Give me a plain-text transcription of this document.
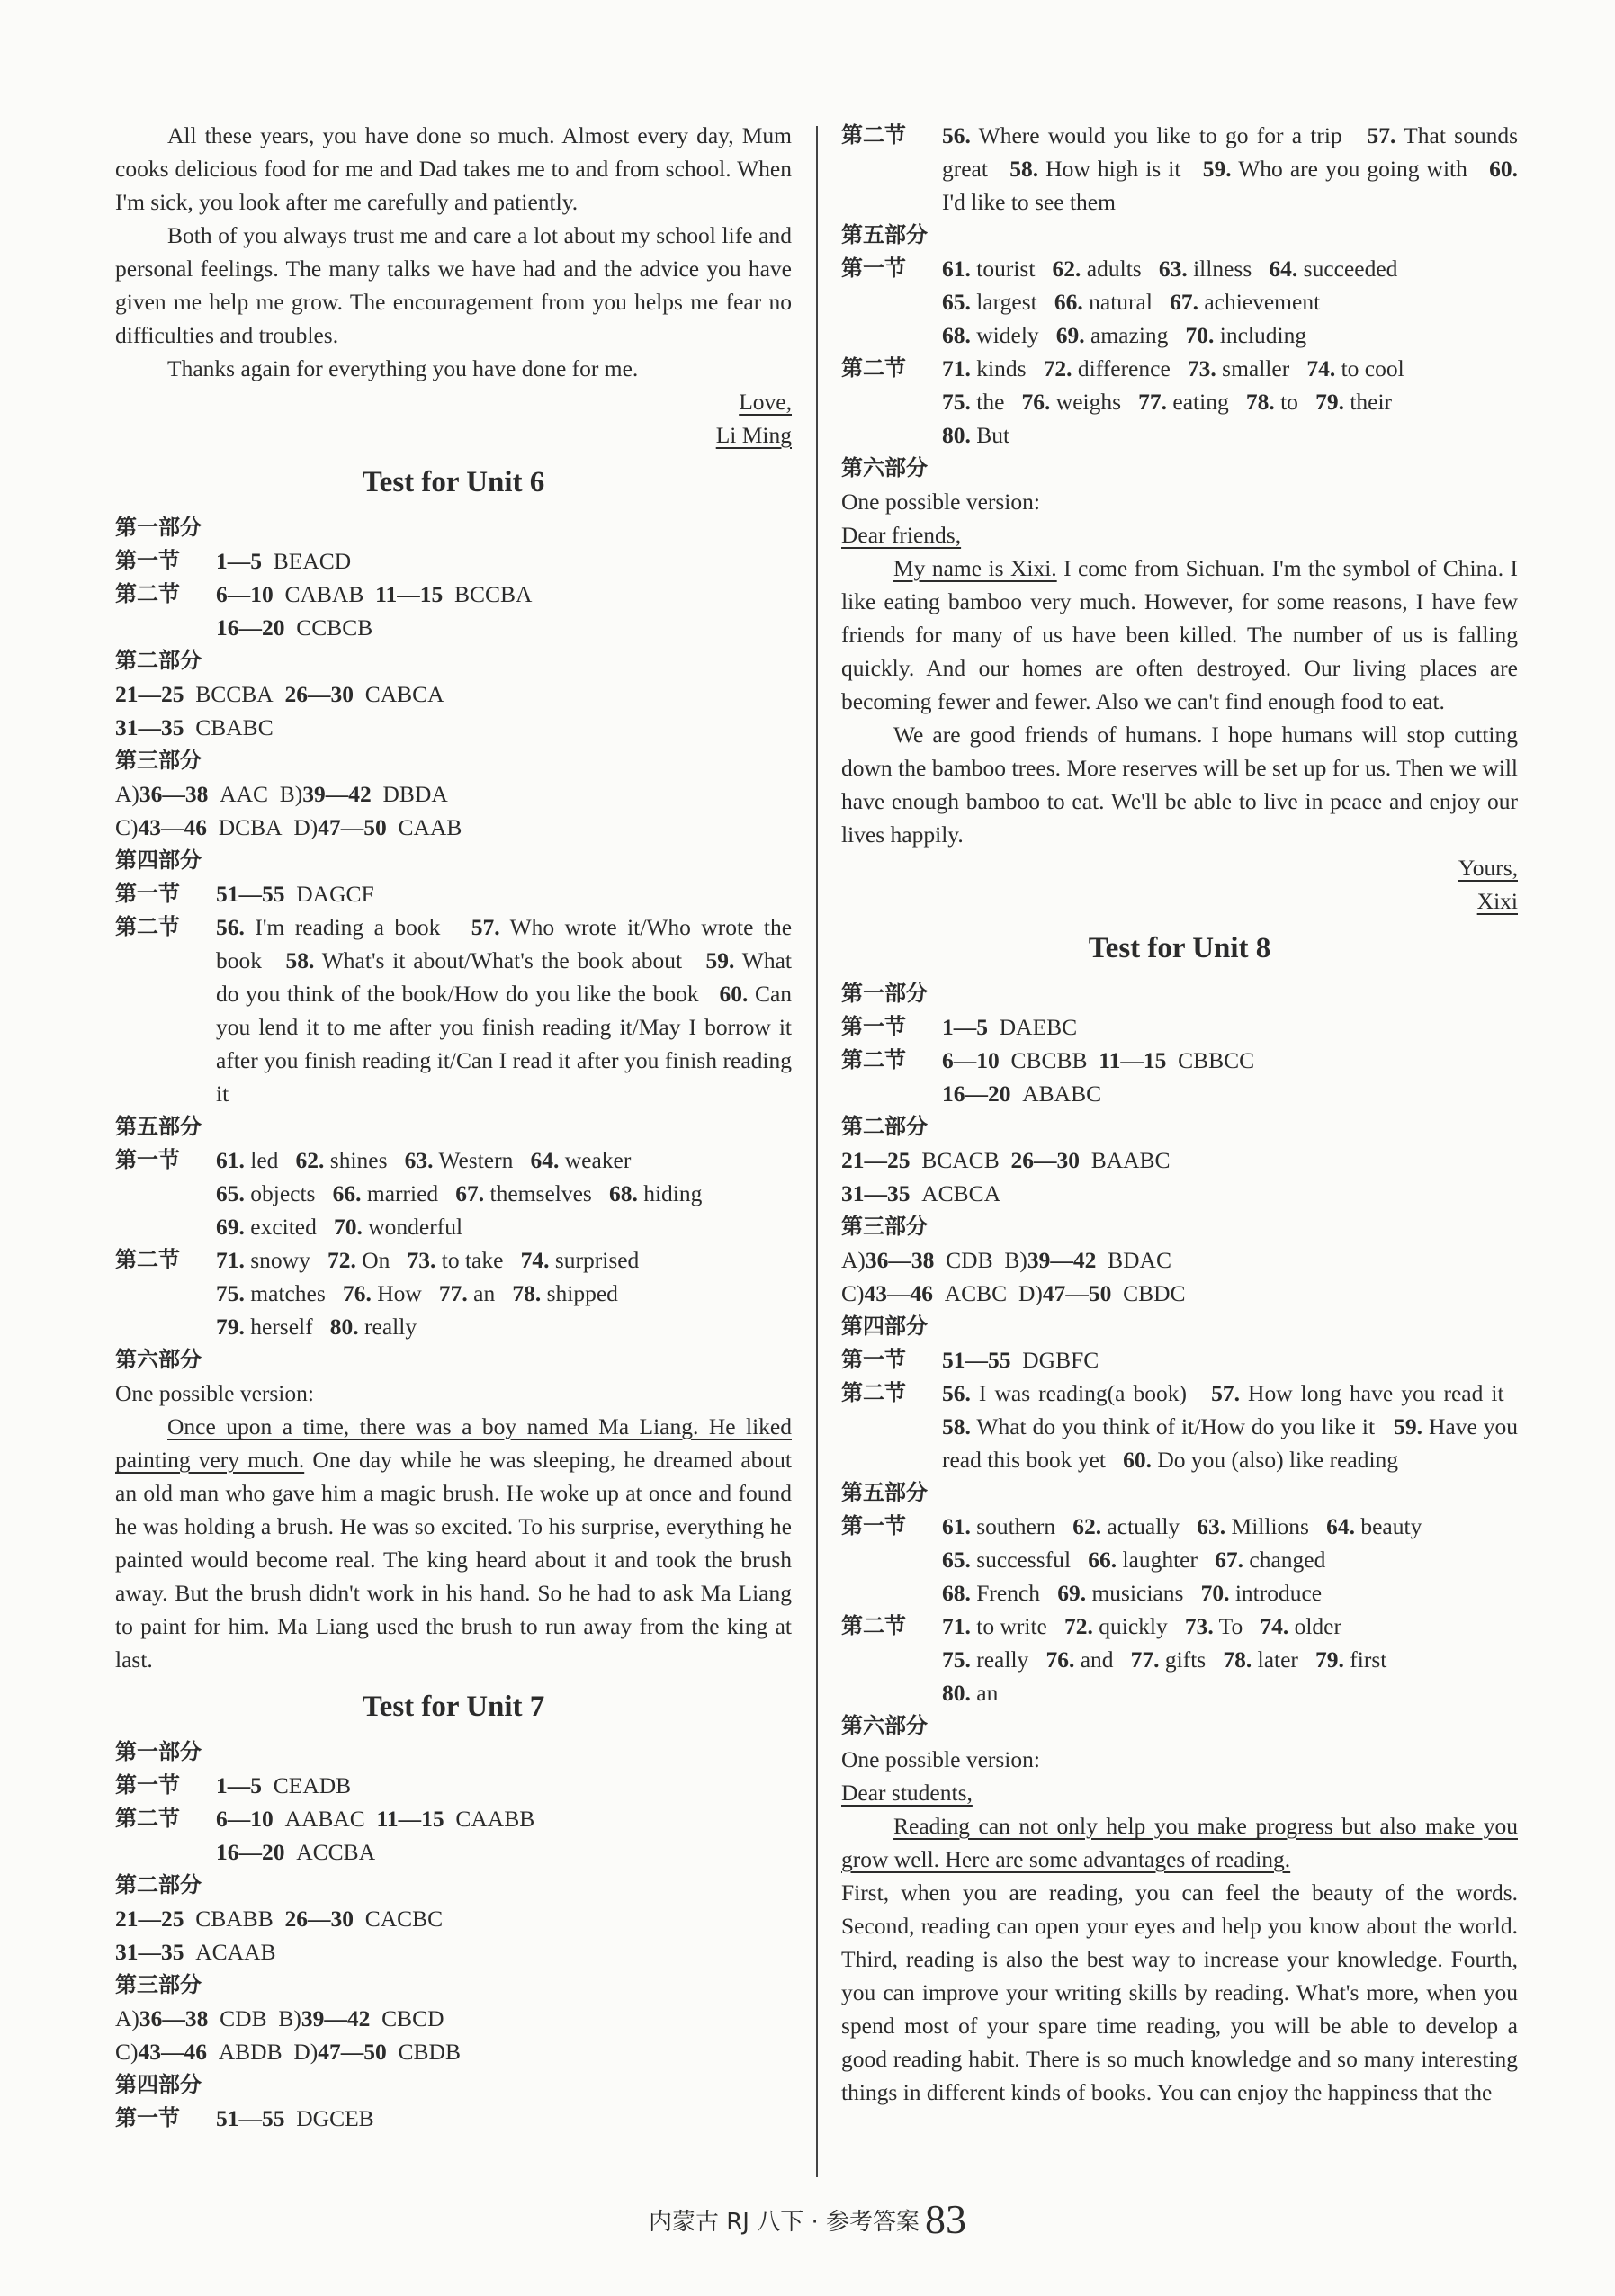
All these years, you have done so much. Almost every day, Mum cooks delicious food for me and Dad takes me to and from school. When I'm sick, you look after me carefully and patiently.

Both of you always trust me and care a lot about my school life and personal feelings. The many talks we have had and the advice you have given me help me grow. The encouragement from you helps me fear no difficulties and troubles.

Thanks again for everything you have done for me.

Love,
Li Ming
Test for Unit 6
第一部分
第一节	1—5 BEACD
第二节	6—10 CABAB 11—15 BCCBA
16—20 CCBCB
第二部分
21—25 BCCBA 26—30 CABCA
31—35 CBABC
第三部分
A)36—38 AAC B)39—42 DBDA
C)43—46 DCBA D)47—50 CAAB
第四部分
第一节	51—55 DAGCF
第二节	56. I'm reading a book 57. Who wrote it/Who wrote the book 58. What's it about/What's the book about 59. What do you think of the book/How do you like the book 60. Can you lend it to me after you finish reading it/May I borrow it after you finish reading it/Can I read it after you finish reading it
第五部分
第一节	61. led 62. shines 63. Western 64. weaker
65. objects 66. married 67. themselves 68. hiding
69. excited 70. wonderful
第二节	71. snowy 72. On 73. to take 74. surprised
75. matches 76. How 77. an 78. shipped
79. herself 80. really
第六部分
One possible version:

Once upon a time, there was a boy named Ma Liang. He liked painting very much. One day while he was sleeping, he dreamed about an old man who gave him a magic brush. He woke up at once and found he was holding a brush. He was so excited. To his surprise, everything he painted would become real. The king heard about it and took the brush away. But the brush didn't work in his hand. So he had to ask Ma Liang to paint for him. Ma Liang used the brush to run away from the king at last.

Test for Unit 7
第一部分
第一节	1—5 CEADB
第二节	6—10 AABAC 11—15 CAABB
16—20 ACCBA
第二部分
21—25 CBABB 26—30 CACBC
31—35 ACAAB
第三部分
A)36—38 CDB B)39—42 CBCD
C)43—46 ABDB D)47—50 CBDB
第四部分
第一节	51—55 DGCEB
第二节	56. Where would you like to go for a trip 57. That sounds great 58. How high is it 59. Who are you going with 60. I'd like to see them
第五部分
第一节	61. tourist 62. adults 63. illness 64. succeeded
65. largest 66. natural 67. achievement
68. widely 69. amazing 70. including
第二节	71. kinds 72. difference 73. smaller 74. to cool
75. the 76. weighs 77. eating 78. to 79. their
80. But
第六部分
One possible version:
Dear friends,

My name is Xixi. I come from Sichuan. I'm the symbol of China. I like eating bamboo very much. However, for some reasons, I have few friends for many of us have been killed. The number of us is falling quickly. And our homes are often destroyed. Our living places are becoming fewer and fewer. Also we can't find enough food to eat.

We are good friends of humans. I hope humans will stop cutting down the bamboo trees. More reserves will be set up for us. Then we will have enough bamboo to eat. We'll be able to live in peace and enjoy our lives happily.

Yours,
Xixi
Test for Unit 8
第一部分
第一节	1—5 DAEBC
第二节	6—10 CBCBB 11—15 CBBCC
16—20 ABABC
第二部分
21—25 BCACB 26—30 BAABC
31—35 ACBCA
第三部分
A)36—38 CDB B)39—42 BDAC
C)43—46 ACBC D)47—50 CBDC
第四部分
第一节	51—55 DGBFC
第二节	56. I was reading(a book) 57. How long have you read it   58. What do you think of it/How do you like it 59. Have you read this book yet 60. Do you (also) like reading
第五部分
第一节	61. southern 62. actually 63. Millions 64. beauty
65. successful 66. laughter 67. changed
68. French 69. musicians 70. introduce
第二节	71. to write 72. quickly 73. To 74. older
75. really 76. and 77. gifts 78. later 79. first
80. an
第六部分
One possible version:
Dear students,

Reading can not only help you make progress but also make you grow well. Here are some advantages of reading.

First, when you are reading, you can feel the beauty of the words. Second, reading can open your eyes and help you know about the world. Third, reading is also the best way to increase your knowledge. Fourth, you can improve your writing skills by reading. What's more, when you spend most of your spare time reading, you will be able to develop a good reading habit. There is so much knowledge and so many interesting things in different kinds of books. You can enjoy the happiness that the

内蒙古 RJ 八下 · 参考答案 83
